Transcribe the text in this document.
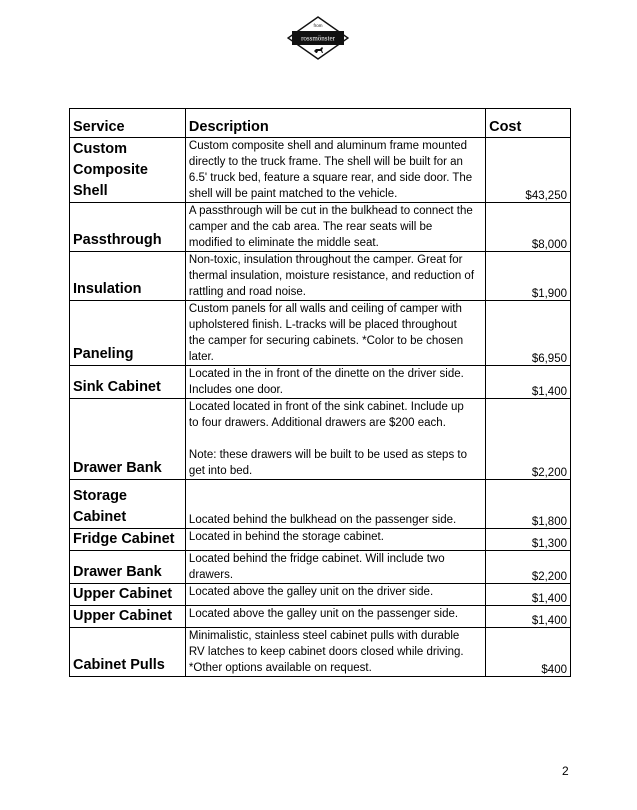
from
rossmönster
Service	Description	Cost
Custom Composite Shell	Custom composite shell and aluminum frame mounted
directly to the truck frame. The shell will be built for an
6.5' truck bed, feature a square rear, and side door. The
shell will be paint matched to the vehicle.	$43,250
Passthrough	A passthrough will be cut in the bulkhead to connect the
camper and the cab area. The rear seats will be
modified to eliminate the middle seat.	$8,000
Insulation	Non-toxic, insulation throughout the camper. Great for
thermal insulation, moisture resistance, and reduction of
rattling and road noise.	$1,900
Paneling	Custom panels for all walls and ceiling of camper with
upholstered finish. L-tracks will be placed throughout
the camper for securing cabinets. *Color to be chosen
later.	$6,950
Sink Cabinet	Located in the in front of the dinette on the driver side.
Includes one door.	$1,400
Drawer Bank	Located located in front of the sink cabinet. Include up
to four drawers. Additional drawers are $200 each.
Note: these drawers will be built to be used as steps to
get into bed.	$2,200
Storage Cabinet	Located behind the bulkhead on the passenger side.	$1,800
Fridge Cabinet	Located in behind the storage cabinet.	$1,300
Drawer Bank	Located behind the fridge cabinet. Will include two
drawers.	$2,200
Upper Cabinet	Located above the galley unit on the driver side.	$1,400
Upper Cabinet	Located above the galley unit on the passenger side.	$1,400
Cabinet Pulls	Minimalistic, stainless steel cabinet pulls with durable
RV latches to keep cabinet doors closed while driving.
*Other options available on request.	$400
2
